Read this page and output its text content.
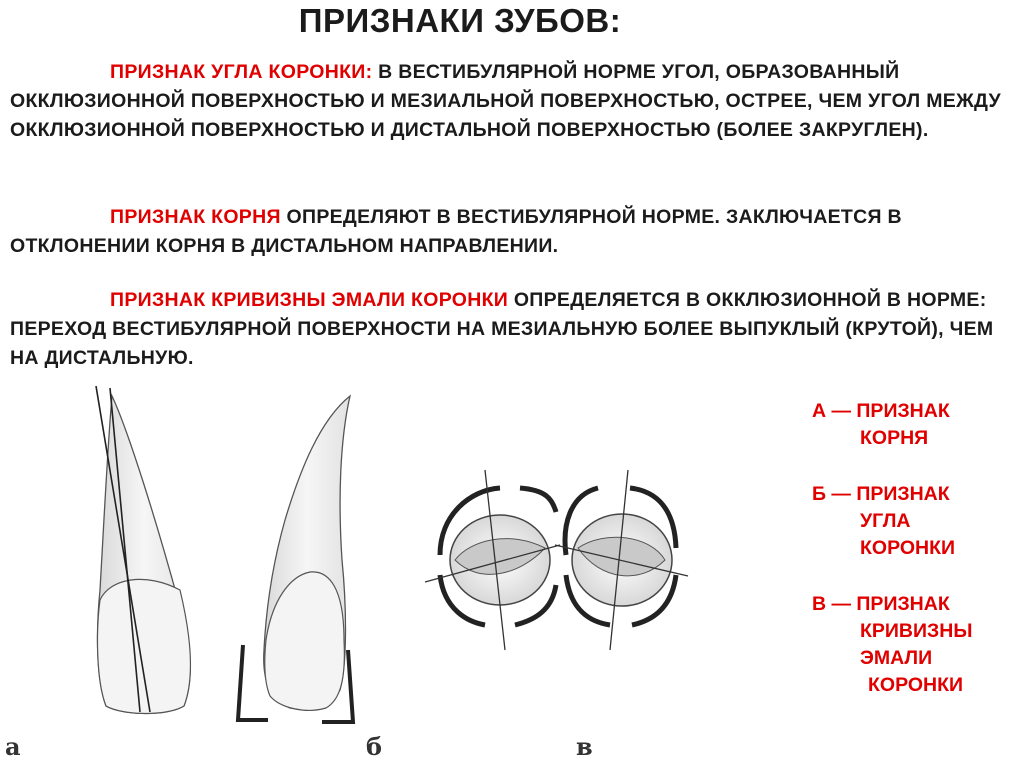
ПРИЗНАКИ ЗУБОВ:

ПРИЗНАК УГЛА КОРОНКИ: В ВЕСТИБУЛЯРНОЙ НОРМЕ УГОЛ, ОБРАЗОВАННЫЙ ОККЛЮЗИОННОЙ ПОВЕРХНОСТЬЮ И МЕЗИАЛЬНОЙ ПОВЕРХНОСТЬЮ, ОСТРЕЕ, ЧЕМ УГОЛ МЕЖДУ ОККЛЮЗИОННОЙ ПОВЕРХНОСТЬЮ И ДИСТАЛЬНОЙ ПОВЕРХНОСТЬЮ (БОЛЕЕ ЗАКРУГЛЕН).

ПРИЗНАК КОРНЯ ОПРЕДЕЛЯЮТ В ВЕСТИБУЛЯРНОЙ НОРМЕ. ЗАКЛЮЧАЕТСЯ В ОТКЛОНЕНИИ КОРНЯ В ДИСТАЛЬНОМ НАПРАВЛЕНИИ.

ПРИЗНАК КРИВИЗНЫ ЭМАЛИ КОРОНКИ ОПРЕДЕЛЯЕТСЯ В ОККЛЮЗИОННОЙ В НОРМЕ: ПЕРЕХОД ВЕСТИБУЛЯРНОЙ ПОВЕРХНОСТИ НА МЕЗИАЛЬНУЮ БОЛЕЕ ВЫПУКЛЫЙ (КРУТОЙ), ЧЕМ НА ДИСТАЛЬНУЮ.

а	б	в
А — ПРИЗНАК
КОРНЯ
Б — ПРИЗНАК
УГЛА
КОРОНКИ
В — ПРИЗНАК
КРИВИЗНЫ
ЭМАЛИ
КОРОНКИ
